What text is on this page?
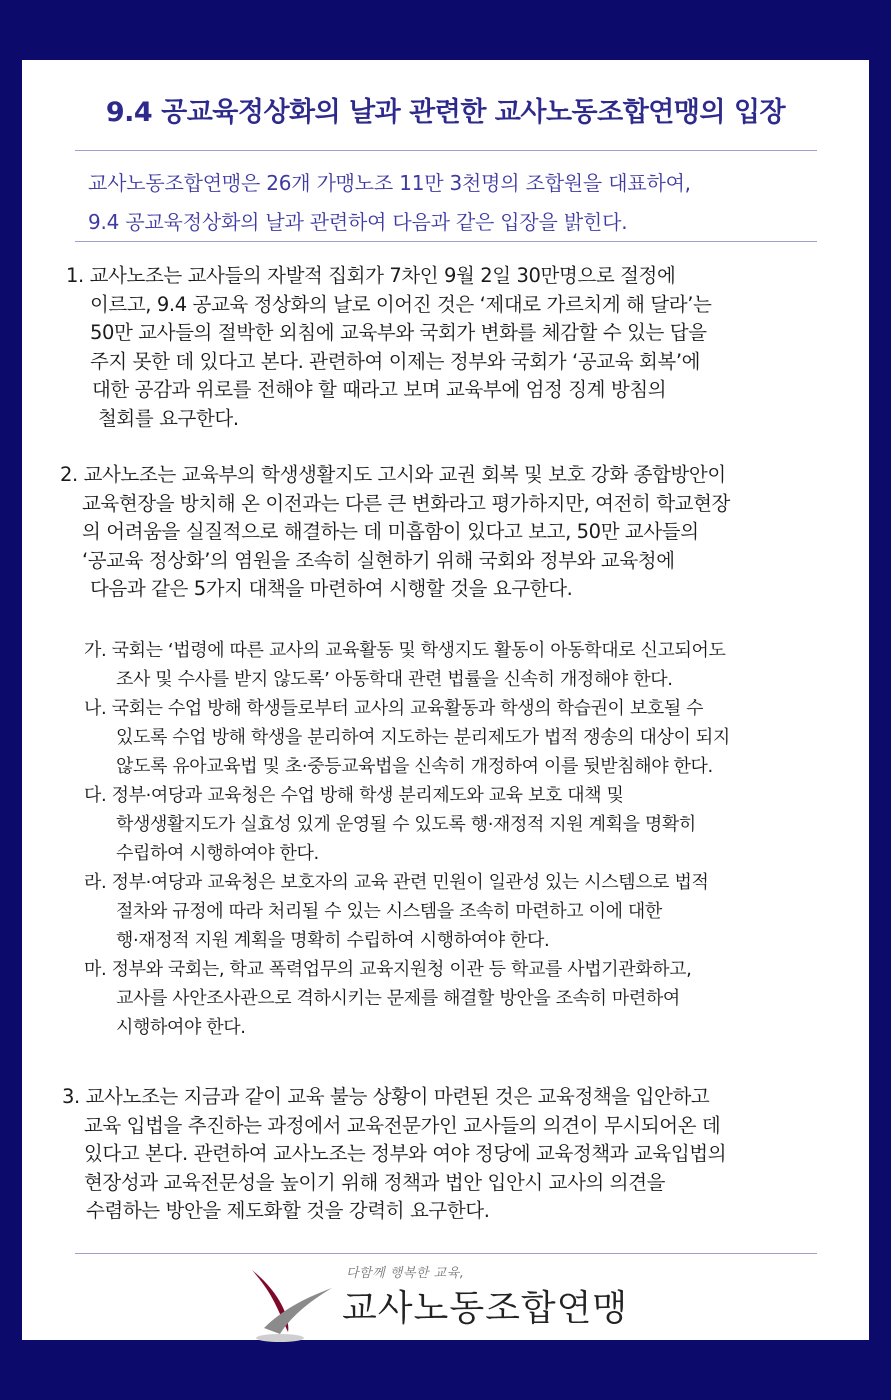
9.4 공교육정상화의 날과 관련한 교사노동조합연맹의 입장
교사노동조합연맹은 26개 가맹노조 11만 3천명의 조합원을 대표하여,
9.4 공교육정상화의 날과 관련하여 다음과 같은 입장을 밝힌다.
1. 교사노조는 교사들의 자발적 집회가 7차인 9월 2일 30만명으로 절정에
이르고, 9.4 공교육 정상화의 날로 이어진 것은 ‘제대로 가르치게 해 달라’는
50만 교사들의 절박한 외침에 교육부와 국회가 변화를 체감할 수 있는 답을
주지 못한 데 있다고 본다. 관련하여 이제는 정부와 국회가 ‘공교육 회복’에
대한 공감과 위로를 전해야 할 때라고 보며 교육부에 엄정 징계 방침의
철회를 요구한다.
2. 교사노조는 교육부의 학생생활지도 고시와 교권 회복 및 보호 강화 종합방안이
교육현장을 방치해 온 이전과는 다른 큰 변화라고 평가하지만, 여전히 학교현장
의 어려움을 실질적으로 해결하는 데 미흡함이 있다고 보고, 50만 교사들의
‘공교육 정상화’의 염원을 조속히 실현하기 위해 국회와 정부와 교육청에
다음과 같은 5가지 대책을 마련하여 시행할 것을 요구한다.
가. 국회는 ‘법령에 따른 교사의 교육활동 및 학생지도 활동이 아동학대로 신고되어도
조사 및 수사를 받지 않도록’ 아동학대 관련 법률을 신속히 개정해야 한다.
나. 국회는 수업 방해 학생들로부터 교사의 교육활동과 학생의 학습권이 보호될 수
있도록 수업 방해 학생을 분리하여 지도하는 분리제도가 법적 쟁송의 대상이 되지
않도록 유아교육법 및 초·중등교육법을 신속히 개정하여 이를 뒷받침해야 한다.
다. 정부·여당과 교육청은 수업 방해 학생 분리제도와 교육 보호 대책 및
학생생활지도가 실효성 있게 운영될 수 있도록 행·재정적 지원 계획을 명확히
수립하여 시행하여야 한다.
라. 정부·여당과 교육청은 보호자의 교육 관련 민원이 일관성 있는 시스템으로 법적
절차와 규정에 따라 처리될 수 있는 시스템을 조속히 마련하고 이에 대한
행·재정적 지원 계획을 명확히 수립하여 시행하여야 한다.
마. 정부와 국회는, 학교 폭력업무의 교육지원청 이관 등 학교를 사법기관화하고,
교사를 사안조사관으로 격하시키는 문제를 해결할 방안을 조속히 마련하여
시행하여야 한다.
3. 교사노조는 지금과 같이 교육 불능 상황이 마련된 것은 교육정책을 입안하고
교육 입법을 추진하는 과정에서 교육전문가인 교사들의 의견이 무시되어온 데
있다고 본다. 관련하여 교사노조는 정부와 여야 정당에 교육정책과 교육입법의
현장성과 교육전문성을 높이기 위해 정책과 법안 입안시 교사의 의견을
수렴하는 방안을 제도화할 것을 강력히 요구한다.
다함께 행복한 교육,
교사노동조합연맹
